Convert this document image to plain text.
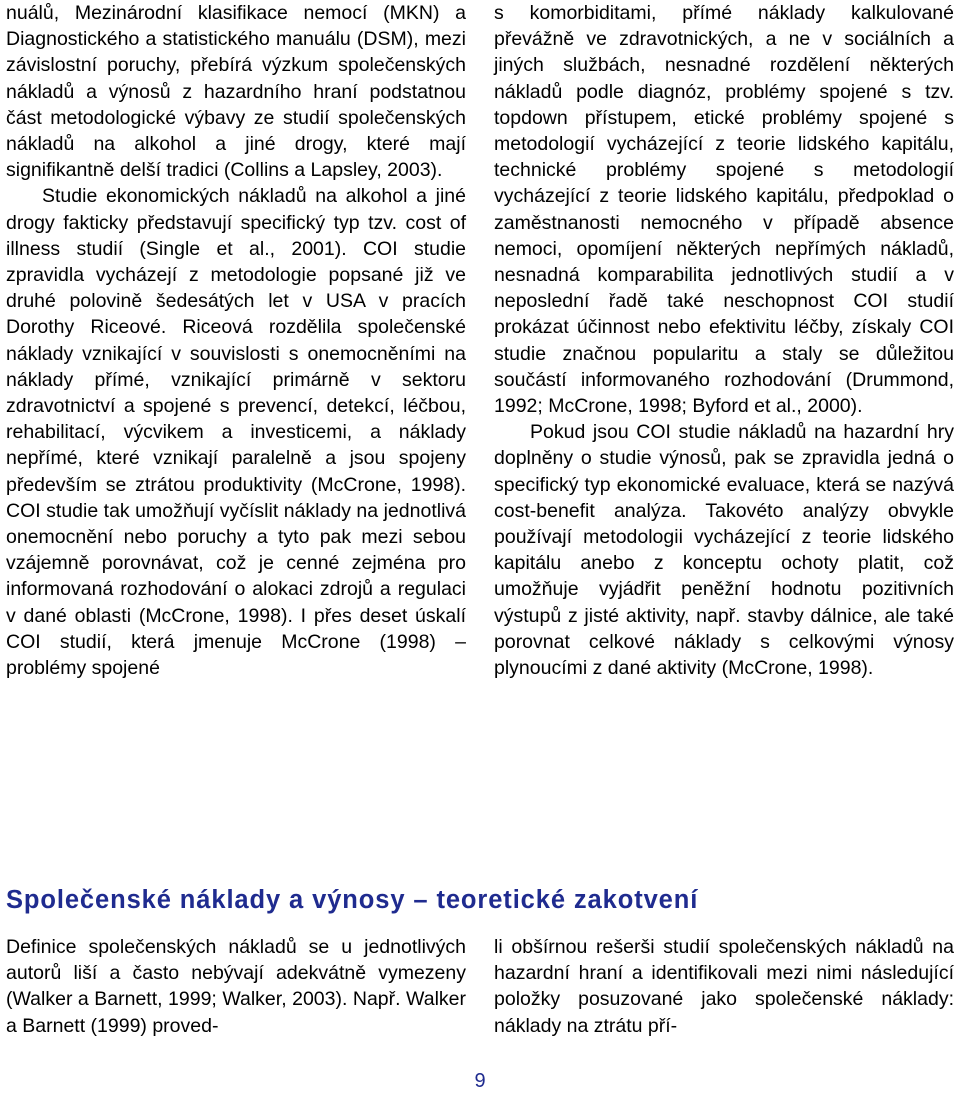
nuálů, Mezinárodní klasifikace nemocí (MKN) a Diagnostického a statistického manuálu (DSM), mezi závislostní poruchy, přebírá výzkum společenských nákladů a výnosů z hazardního hraní podstatnou část metodologické výbavy ze studií společenských nákladů na alkohol a jiné drogy, které mají signifikantně delší tradici (Collins a Lapsley, 2003).

Studie ekonomických nákladů na alkohol a jiné drogy fakticky představují specifický typ tzv. cost of illness studií (Single et al., 2001). COI studie zpravidla vycházejí z metodologie popsané již ve druhé polovině šedesátých let v USA v pracích Dorothy Riceové. Riceová rozdělila společenské náklady vznikající v souvislosti s onemocněními na náklady přímé, vznikající primárně v sektoru zdravotnictví a spojené s prevencí, detekcí, léčbou, rehabilitací, výcvikem a investicemi, a náklady nepřímé, které vznikají paralelně a jsou spojeny především se ztrátou produktivity (McCrone, 1998). COI studie tak umožňují vyčíslit náklady na jednotlivá onemocnění nebo poruchy a tyto pak mezi sebou vzájemně porovnávat, což je cenné zejména pro informovaná rozhodování o alokaci zdrojů a regulaci v dané oblasti (McCrone, 1998). I přes deset úskalí COI studií, která jmenuje McCrone (1998) – problémy spojené

s komorbiditami, přímé náklady kalkulované převážně ve zdravotnických, a ne v sociálních a jiných službách, nesnadné rozdělení některých nákladů podle diagnóz, problémy spojené s tzv. topdown přístupem, etické problémy spojené s metodologií vycházející z teorie lidského kapitálu, technické problémy spojené s metodologií vycházející z teorie lidského kapitálu, předpoklad o zaměstnanosti nemocného v případě absence nemoci, opomíjení některých nepřímých nákladů, nesnadná komparabilita jednotlivých studií a v neposlední řadě také neschopnost COI studií prokázat účinnost nebo efektivitu léčby, získaly COI studie značnou popularitu a staly se důležitou součástí informovaného rozhodování (Drummond, 1992; McCrone, 1998; Byford et al., 2000).

Pokud jsou COI studie nákladů na hazardní hry doplněny o studie výnosů, pak se zpravidla jedná o specifický typ ekonomické evaluace, která se nazývá cost-benefit analýza. Takovéto analýzy obvykle používají metodologii vycházející z teorie lidského kapitálu anebo z konceptu ochoty platit, což umožňuje vyjádřit peněžní hodnotu pozitivních výstupů z jisté aktivity, např. stavby dálnice, ale také porovnat celkové náklady s celkovými výnosy plynoucími z dané aktivity (McCrone, 1998).

Společenské náklady a výnosy – teoretické zakotvení

Definice společenských nákladů se u jednotlivých autorů liší a často nebývají adekvátně vymezeny (Walker a Barnett, 1999; Walker, 2003). Např. Walker a Barnett (1999) proved-

li obšírnou rešerši studií společenských nákladů na hazardní hraní a identifikovali mezi nimi následující položky posuzované jako společenské náklady: náklady na ztrátu pří-

9
